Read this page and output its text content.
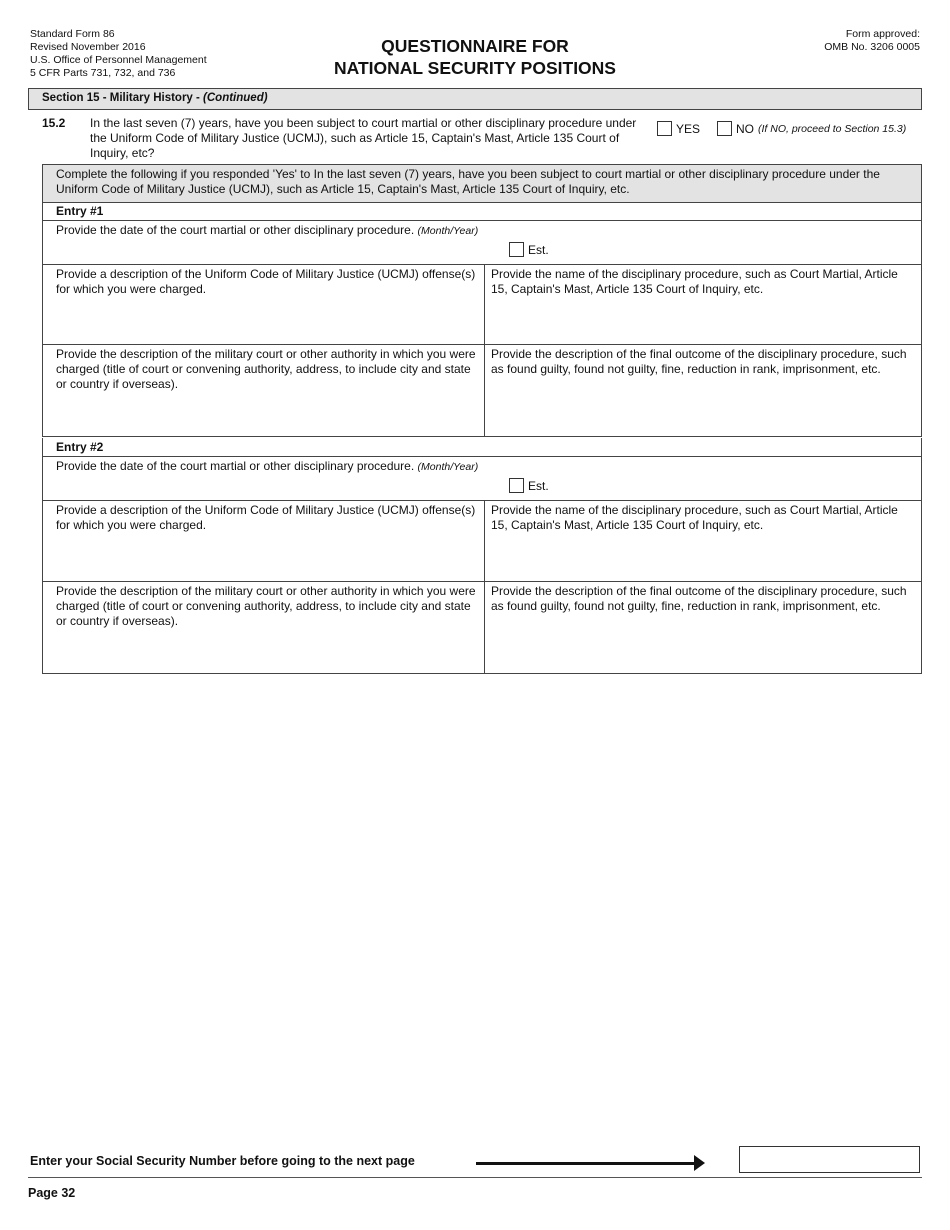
Standard Form 86
Revised November 2016
U.S. Office of Personnel Management
5 CFR Parts 731, 732, and 736
QUESTIONNAIRE FOR
NATIONAL SECURITY POSITIONS
Form approved:
OMB No. 3206 0005
Section 15 - Military History - (Continued)
15.2 In the last seven (7) years, have you been subject to court martial or other disciplinary procedure under the Uniform Code of Military Justice (UCMJ), such as Article 15, Captain's Mast, Article 135 Court of Inquiry, etc?
YES	NO (If NO, proceed to Section 15.3)
Complete the following if you responded 'Yes' to In the last seven (7) years, have you been subject to court martial or other disciplinary procedure under the Uniform Code of Military Justice (UCMJ), such as Article 15, Captain's Mast, Article 135 Court of Inquiry, etc.
Entry #1
Provide the date of the court martial or other disciplinary procedure. (Month/Year)
Est.
Provide a description of the Uniform Code of Military Justice (UCMJ) offense(s) for which you were charged.
Provide the name of the disciplinary procedure, such as Court Martial, Article 15, Captain's Mast, Article 135 Court of Inquiry, etc.
Provide the description of the military court or other authority in which you were charged (title of court or convening authority, address, to include city and state or country if overseas).
Provide the description of the final outcome of the disciplinary procedure, such as found guilty, found not guilty, fine, reduction in rank, imprisonment, etc.
Entry #2
Provide the date of the court martial or other disciplinary procedure. (Month/Year)
Est.
Provide a description of the Uniform Code of Military Justice (UCMJ) offense(s) for which you were charged.
Provide the name of the disciplinary procedure, such as Court Martial, Article 15, Captain's Mast, Article 135 Court of Inquiry, etc.
Provide the description of the military court or other authority in which you were charged (title of court or convening authority, address, to include city and state or country if overseas).
Provide the description of the final outcome of the disciplinary procedure, such as found guilty, found not guilty, fine, reduction in rank, imprisonment, etc.
Enter your Social Security Number before going to the next page
Page 32
